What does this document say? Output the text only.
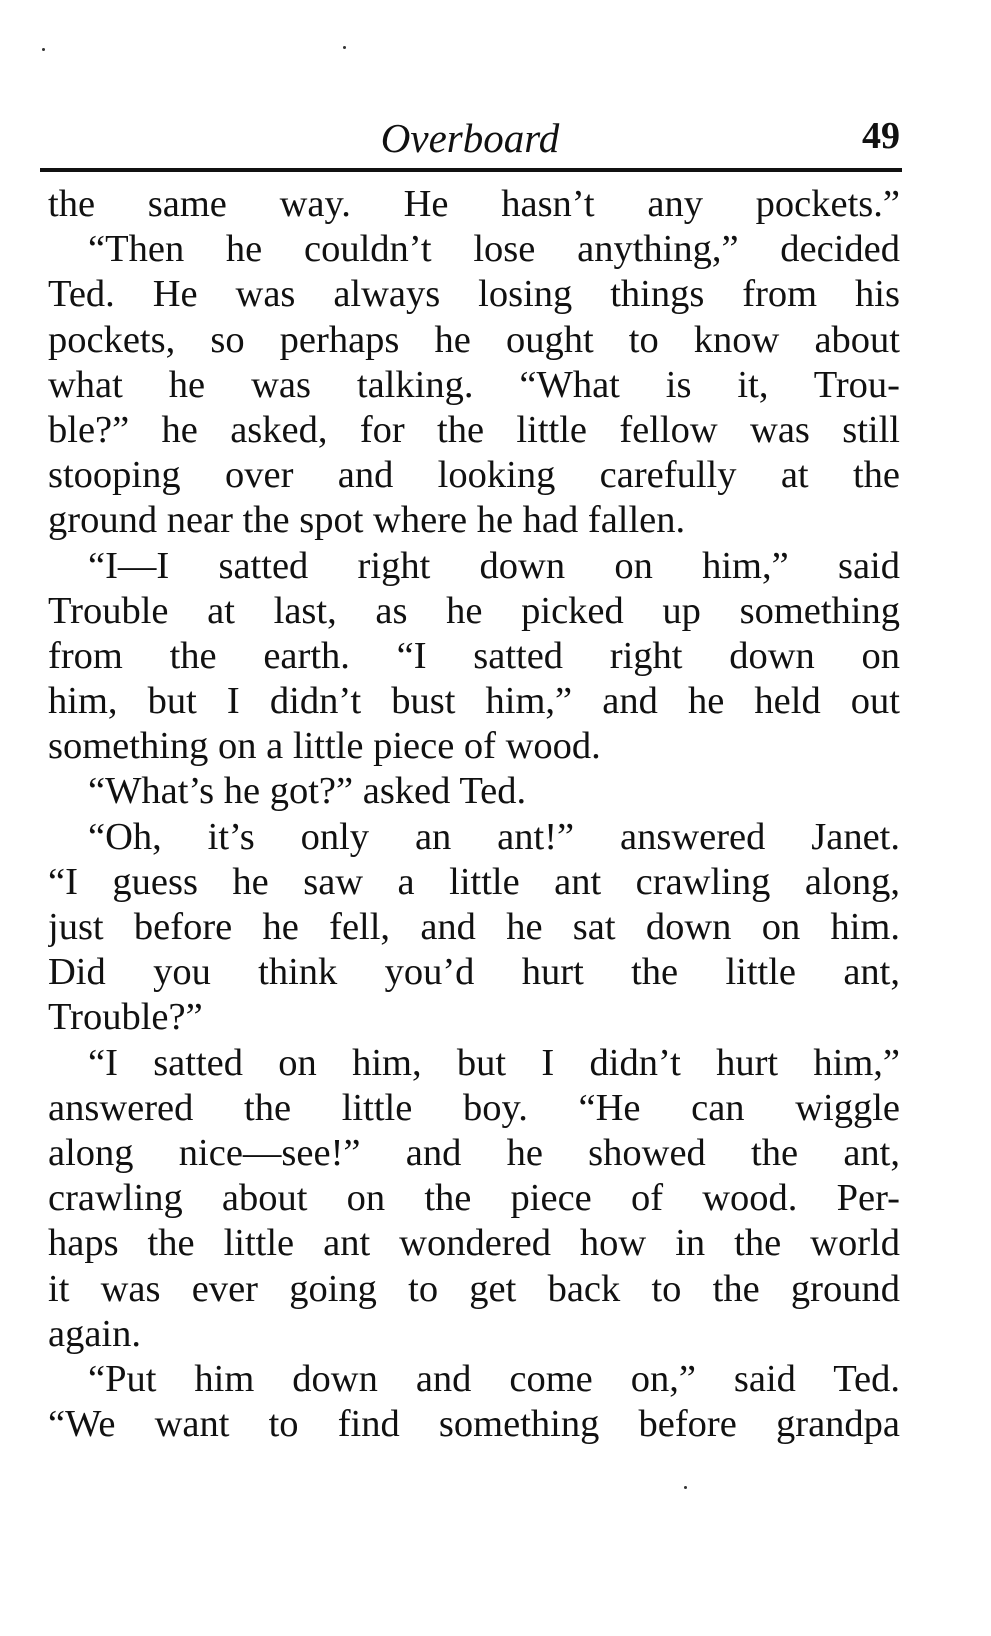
Overboard	49
the same way. He hasn’t any pockets.”
“Then he couldn’t lose anything,” decided
Ted. He was always losing things from his
pockets, so perhaps he ought to know about
what he was talking. “What is it, Trou-
ble?” he asked, for the little fellow was still
stooping over and looking carefully at the
ground near the spot where he had fallen.
“I—I satted right down on him,” said
Trouble at last, as he picked up something
from the earth. “I satted right down on
him, but I didn’t bust him,” and he held out
something on a little piece of wood.
“What’s he got?” asked Ted.
“Oh, it’s only an ant!” answered Janet.
“I guess he saw a little ant crawling along,
just before he fell, and he sat down on him.
Did you think you’d hurt the little ant,
Trouble?”
“I satted on him, but I didn’t hurt him,”
answered the little boy. “He can wiggle
along nice—see!” and he showed the ant,
crawling about on the piece of wood. Per-
haps the little ant wondered how in the world
it was ever going to get back to the ground
again.
“Put him down and come on,” said Ted.
“We want to find something before grandpa
